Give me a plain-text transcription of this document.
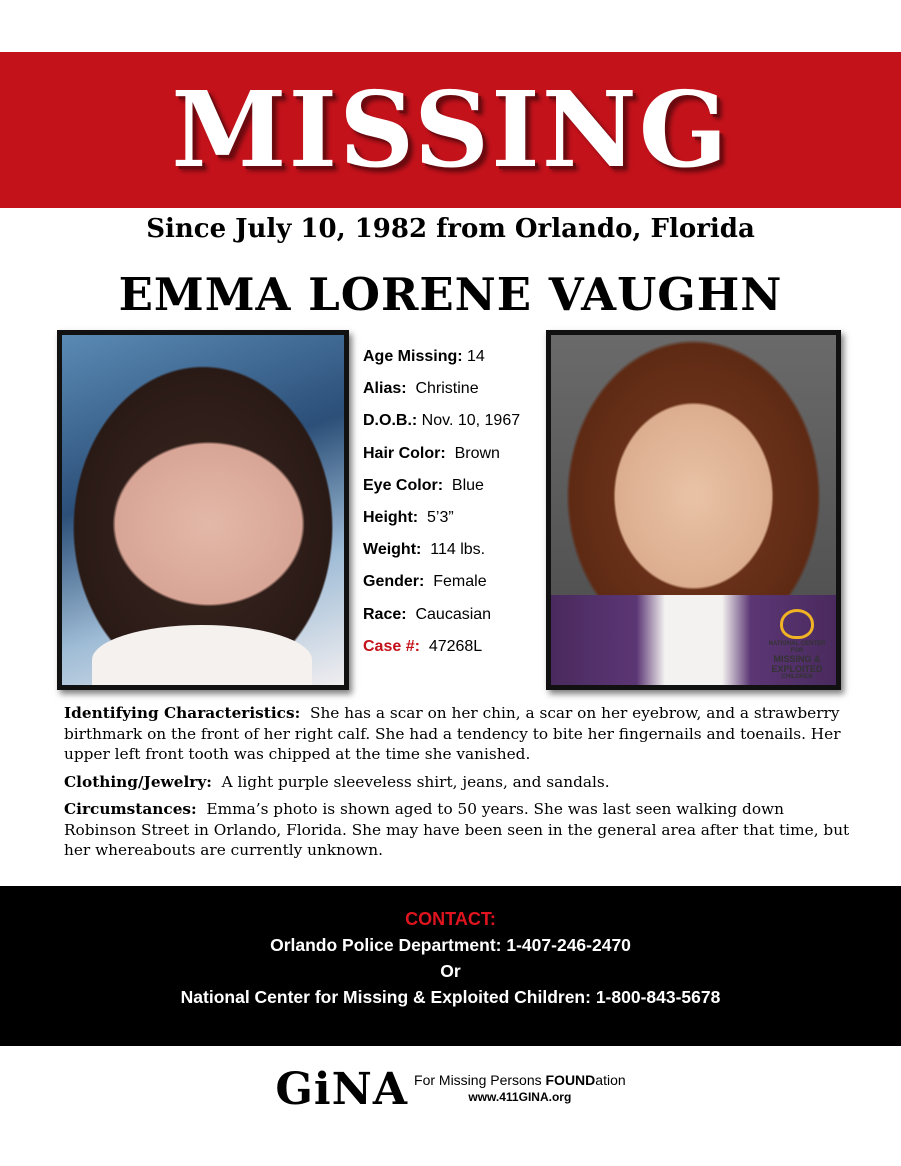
MISSING
Since July 10, 1982 from Orlando, Florida
EMMA LORENE VAUGHN
Age Missing: 14
Alias: Christine
D.O.B.: Nov. 10, 1967
Hair Color: Brown
Eye Color: Blue
Height: 5’3”
Weight: 114 lbs.
Gender: Female
Race: Caucasian
Case #: 47268L	NATIONAL CENTER FOR
MISSING &
EXPLOITED
CHILDREN

Identifying Characteristics: She has a scar on her chin, a scar on her eyebrow, and a strawberry birthmark on the front of her right calf. She had a tendency to bite her fingernails and toenails. Her upper left front tooth was chipped at the time she vanished.

Clothing/Jewelry: A light purple sleeveless shirt, jeans, and sandals.

Circumstances: Emma’s photo is shown aged to 50 years. She was last seen walking down Robinson Street in Orlando, Florida. She may have been seen in the general area after that time, but her whereabouts are currently unknown.

CONTACT:
Orlando Police Department: 1-407-246-2470
Or
National Center for Missing & Exploited Children: 1-800-843-5678
GiNA For Missing Persons FOUNDation
www.411GINA.org
